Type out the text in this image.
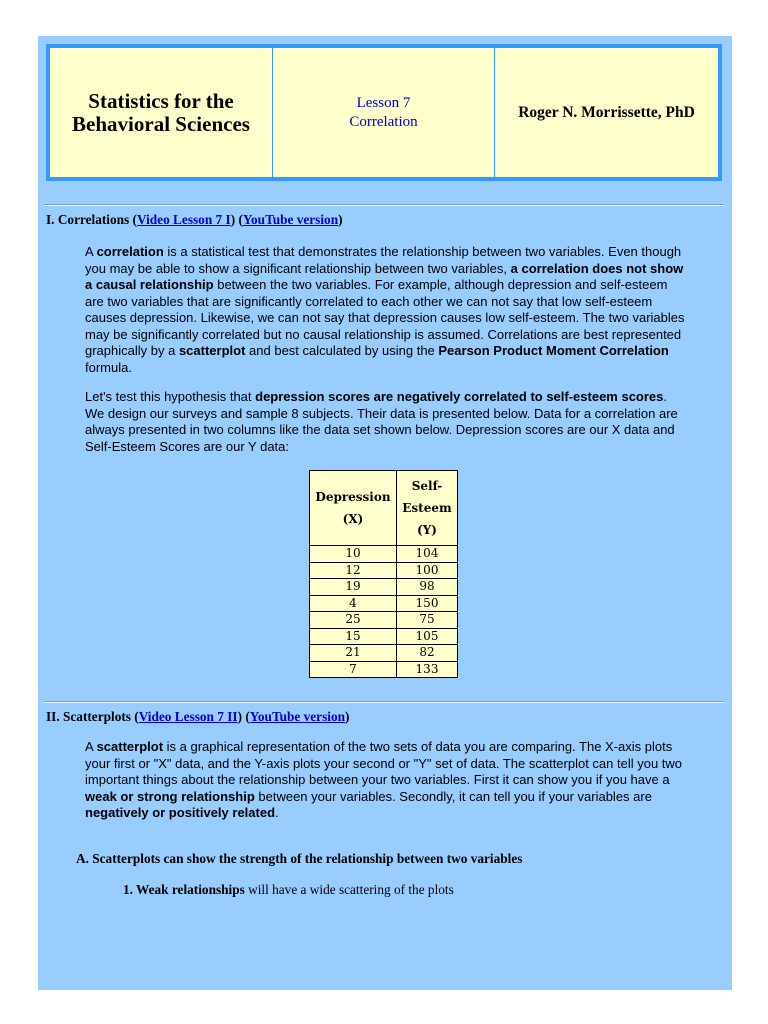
Statistics for the Behavioral Sciences
Lesson 7
Correlation
Roger N. Morrissette, PhD
I. Correlations (Video Lesson 7 I) (YouTube version)

A correlation is a statistical test that demonstrates the relationship between two variables. Even though you may be able to show a significant relationship between two variables, a correlation does not show a causal relationship between the two variables. For example, although depression and self-esteem are two variables that are significantly correlated to each other we can not say that low self-esteem causes depression. Likewise, we can not say that depression causes low self-esteem. The two variables may be significantly correlated but no causal relationship is assumed. Correlations are best represented graphically by a scatterplot and best calculated by using the Pearson Product Moment Correlation formula.

Let's test this hypothesis that depression scores are negatively correlated to self-esteem scores. We design our surveys and sample 8 subjects. Their data is presented below. Data for a correlation are always presented in two columns like the data set shown below. Depression scores are our X data and Self-Esteem Scores are our Y data:

Depression
(X)	Self-
Esteem
(Y)
10	104
12	100
19	98
4	150
25	75
15	105
21	82
7	133
II. Scatterplots (Video Lesson 7 II) (YouTube version)

A scatterplot is a graphical representation of the two sets of data you are comparing. The X-axis plots your first or "X" data, and the Y-axis plots your second or "Y" set of data. The scatterplot can tell you two important things about the relationship between your two variables. First it can show you if you have a weak or strong relationship between your variables. Secondly, it can tell you if your variables are negatively or positively related.

A. Scatterplots can show the strength of the relationship between two variables
1. Weak relationships will have a wide scattering of the plots
